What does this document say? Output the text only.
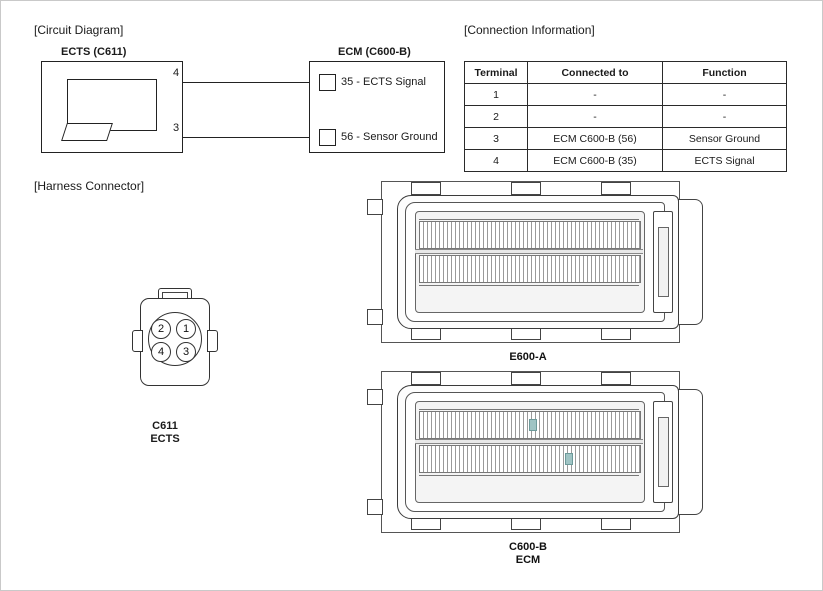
[Circuit Diagram]
ECTS (C611)	ECM (C600-B)
35 - ECTS Signal
56 - Sensor Ground
4
3
[Connection Information]
Terminal	Connected to	Function
1	-	-
2	-	-
3	ECM C600-B (56)	Sensor Ground
4	ECM C600-B (35)	ECTS Signal
[Harness Connector]
2	1
4	3
C611
ECTS
E600-A
C600-B
ECM
